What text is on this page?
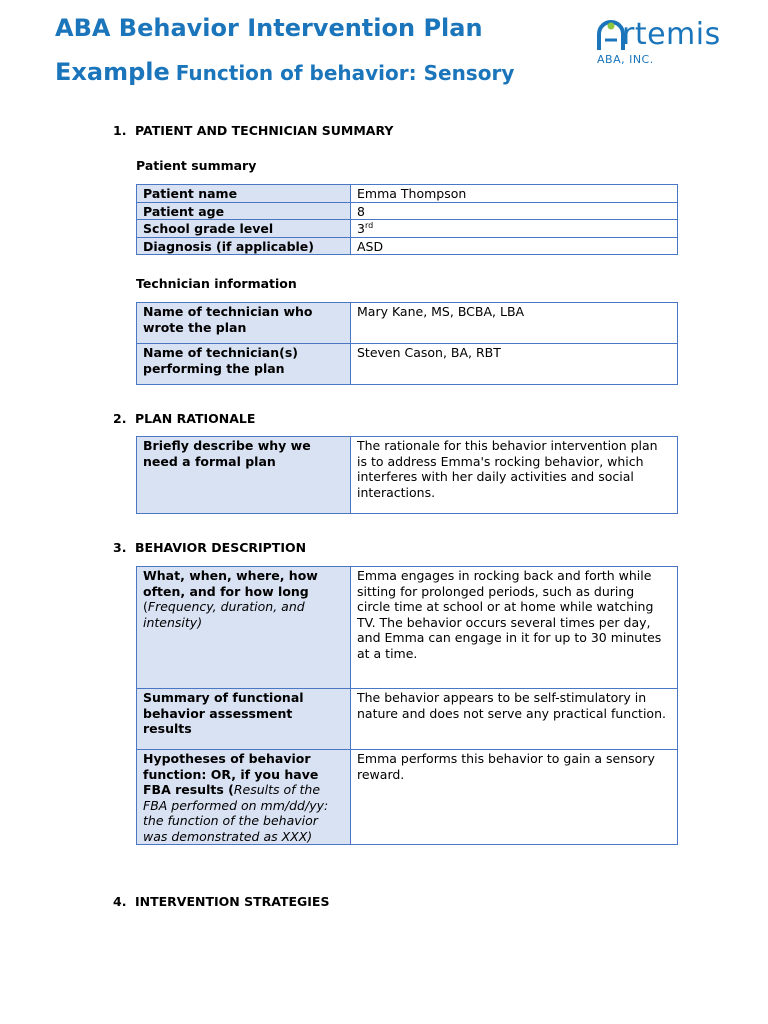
ABA Behavior Intervention Plan
Example Function of behavior: Sensory
rtemis
ABA, INC.
1. PATIENT AND TECHNICIAN SUMMARY
Patient summary
Patient name	Emma Thompson
Patient age	8
School grade level	3rd
Diagnosis (if applicable)	ASD
Technician information
Name of technician who wrote the plan	Mary Kane, MS, BCBA, LBA
Name of technician(s) performing the plan	Steven Cason, BA, RBT
2. PLAN RATIONALE
Briefly describe why we need a formal plan	The rationale for this behavior intervention plan is to address Emma's rocking behavior, which interferes with her daily activities and social interactions.
3. BEHAVIOR DESCRIPTION
What, when, where, how often, and for how long
(Frequency, duration, and intensity)	Emma engages in rocking back and forth while sitting for prolonged periods, such as during circle time at school or at home while watching TV. The behavior occurs several times per day, and Emma can engage in it for up to 30 minutes at a time.
Summary of functional behavior assessment results	The behavior appears to be self-stimulatory in nature and does not serve any practical function.
Hypotheses of behavior function: OR, if you have FBA results (Results of the FBA performed on mm/dd/yy: the function of the behavior was demonstrated as XXX)	Emma performs this behavior to gain a sensory reward.
4. INTERVENTION STRATEGIES
